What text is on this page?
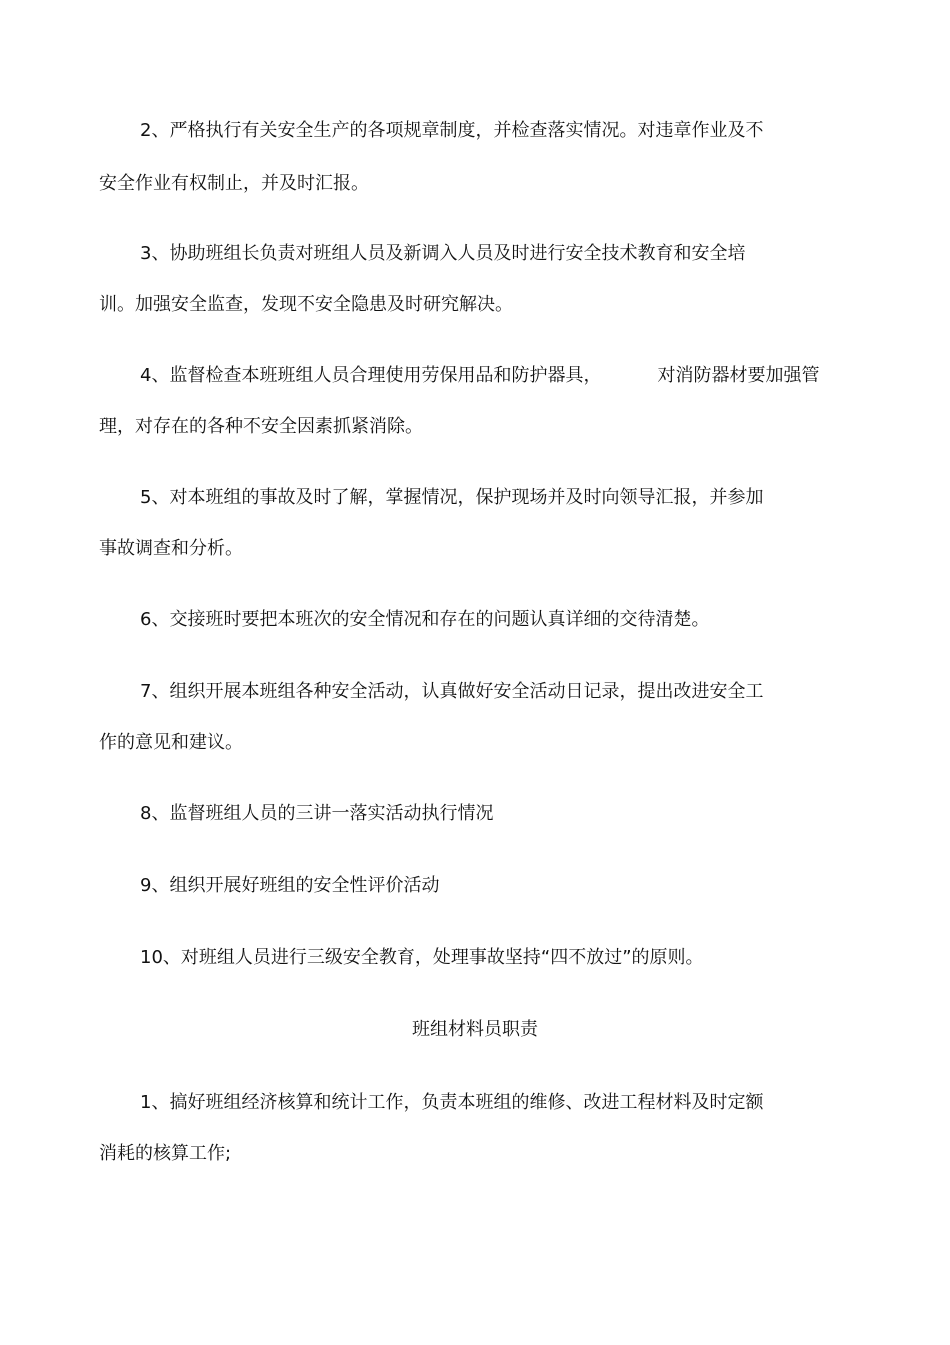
2、严格执行有关安全生产的各项规章制度，并检查落实情况。对违章作业及不
安全作业有权制止，并及时汇报。
3、协助班组长负责对班组人员及新调入人员及时进行安全技术教育和安全培
训。加强安全监查，发现不安全隐患及时研究解决。
4、监督检查本班班组人员合理使用劳保用品和防护器具，	对消防器材要加强管
理，对存在的各种不安全因素抓紧消除。
5、对本班组的事故及时了解，掌握情况，保护现场并及时向领导汇报，并参加
事故调查和分析。
6、交接班时要把本班次的安全情况和存在的问题认真详细的交待清楚。
7、组织开展本班组各种安全活动，认真做好安全活动日记录，提出改进安全工
作的意见和建议。
8、监督班组人员的三讲一落实活动执行情况
9、组织开展好班组的安全性评价活动
10、对班组人员进行三级安全教育，处理事故坚持“四不放过”的原则。
班组材料员职责
1、搞好班组经济核算和统计工作，负责本班组的维修、改进工程材料及时定额
消耗的核算工作;
